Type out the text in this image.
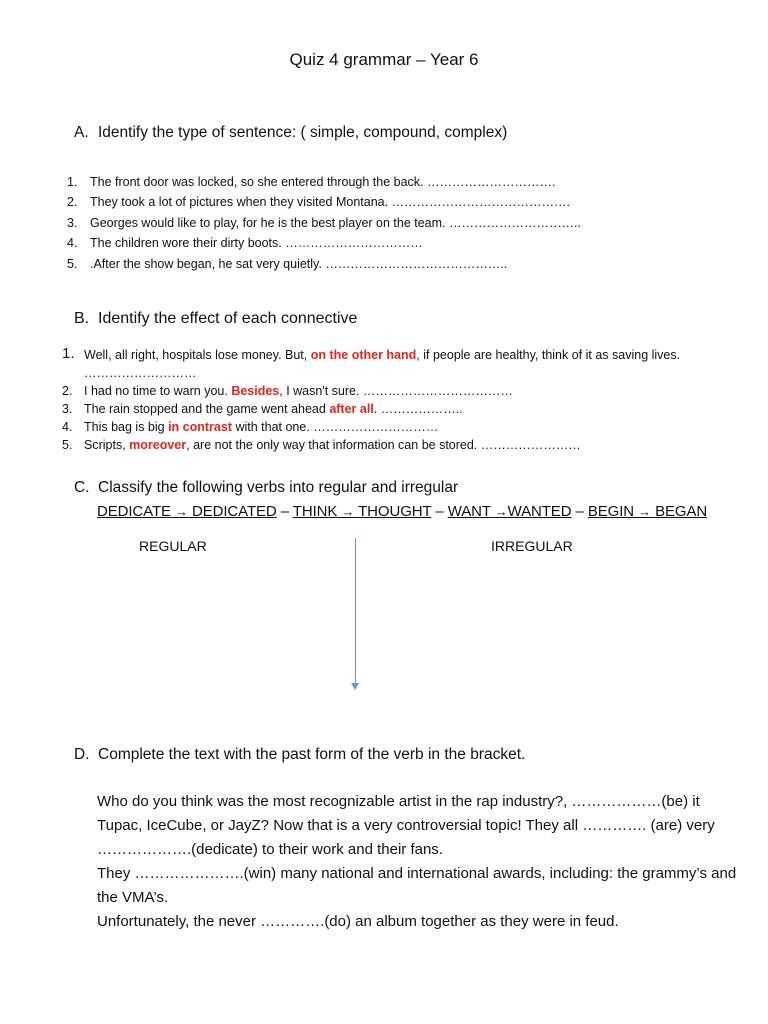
Quiz 4 grammar – Year 6
A. Identify the type of sentence: ( simple, compound, complex)
1. The front door was locked, so she entered through the back. ………………………….
2. They took a lot of pictures when they visited Montana. …………………………………….
3. Georges would like to play, for he is the best player on the team. …………………………..
4. The children wore their dirty boots. ……………………………
5. .After the show began, he sat very quietly. ……………………………………..
B. Identify the effect of each connective
1. Well, all right, hospitals lose money. But, on the other hand, if people are healthy, think of it as saving lives. ………………………
2. I had no time to warn you. Besides, I wasn't sure. ………………………………
3. The rain stopped and the game went ahead after all. ………………..
4. This bag is big in contrast with that one. …………………………
5. Scripts, moreover, are not the only way that information can be stored. ……………………
C. Classify the following verbs into regular and irregular
DEDICATE → DEDICATED – THINK → THOUGHT – WANT →WANTED – BEGIN → BEGAN
REGULAR	IRREGULAR
D. Complete the text with the past form of the verb in the bracket.

Who do you think was the most recognizable artist in the rap industry?, ………………(be) it Tupac, IceCube, or JayZ? Now that is a very controversial topic! They all …………. (are) very ……………….(dedicate) to their work and their fans.

They ………………….(win) many national and international awards, including: the grammy’s and the VMA’s.

Unfortunately, the never ………….(do) an album together as they were in feud.
